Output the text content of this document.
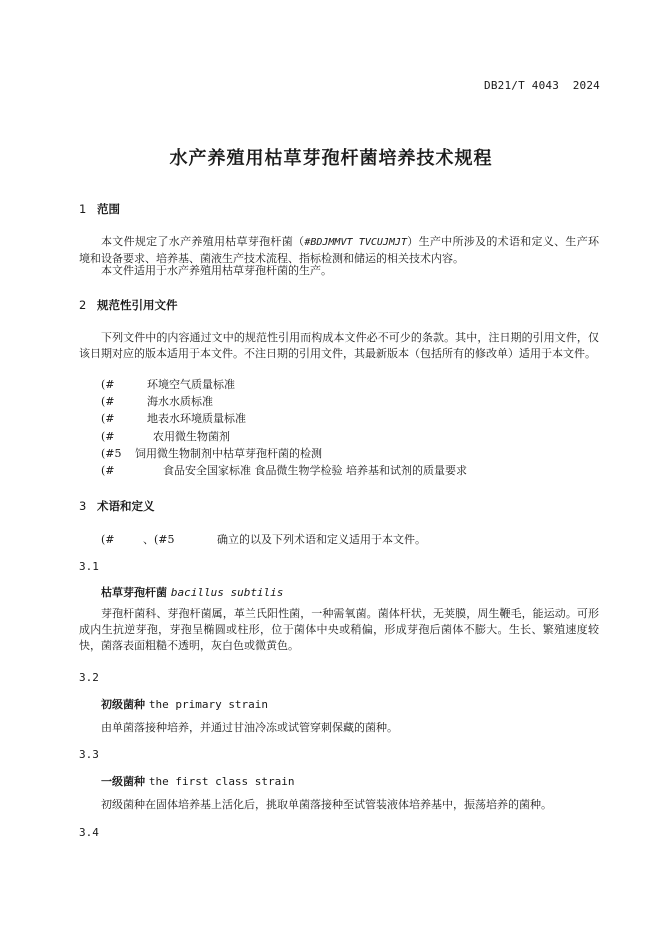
DB21/T 4043  2024
水产养殖用枯草芽孢杆菌培养技术规程
1 范围
本文件规定了水产养殖用枯草芽孢杆菌（#BDJMMVT TVCUJMJT）生产中所涉及的术语和定义、生产环境和设备要求、培养基、菌液生产技术流程、指标检测和储运的相关技术内容。
本文件适用于水产养殖用枯草芽孢杆菌的生产。
2 规范性引用文件
下列文件中的内容通过文中的规范性引用而构成本文件必不可少的条款。其中，注日期的引用文件，仅该日期对应的版本适用于本文件。不注日期的引用文件，其最新版本（包括所有的修改单）适用于本文件。
(#	环境空气质量标准
(#	海水水质标准
(#	地表水环境质量标准
(#	农用微生物菌剂
(#5 饲用微生物制剂中枯草芽孢杆菌的检测
(#	食品安全国家标准 食品微生物学检验 培养基和试剂的质量要求
3 术语和定义
(#	、(#5	确立的以及下列术语和定义适用于本文件。
3.1
枯草芽孢杆菌 bacillus subtilis
芽孢杆菌科、芽孢杆菌属，革兰氏阳性菌，一种需氧菌。菌体杆状，无荚膜，周生鞭毛，能运动。可形成内生抗逆芽孢，芽孢呈椭圆或柱形，位于菌体中央或稍偏，形成芽孢后菌体不膨大。生长、繁殖速度较快，菌落表面粗糙不透明，灰白色或微黄色。
3.2
初级菌种 the primary strain
由单菌落接种培养，并通过甘油冷冻或试管穿刺保藏的菌种。
3.3
一级菌种 the first class strain
初级菌种在固体培养基上活化后，挑取单菌落接种至试管装液体培养基中，振荡培养的菌种。
3.4
